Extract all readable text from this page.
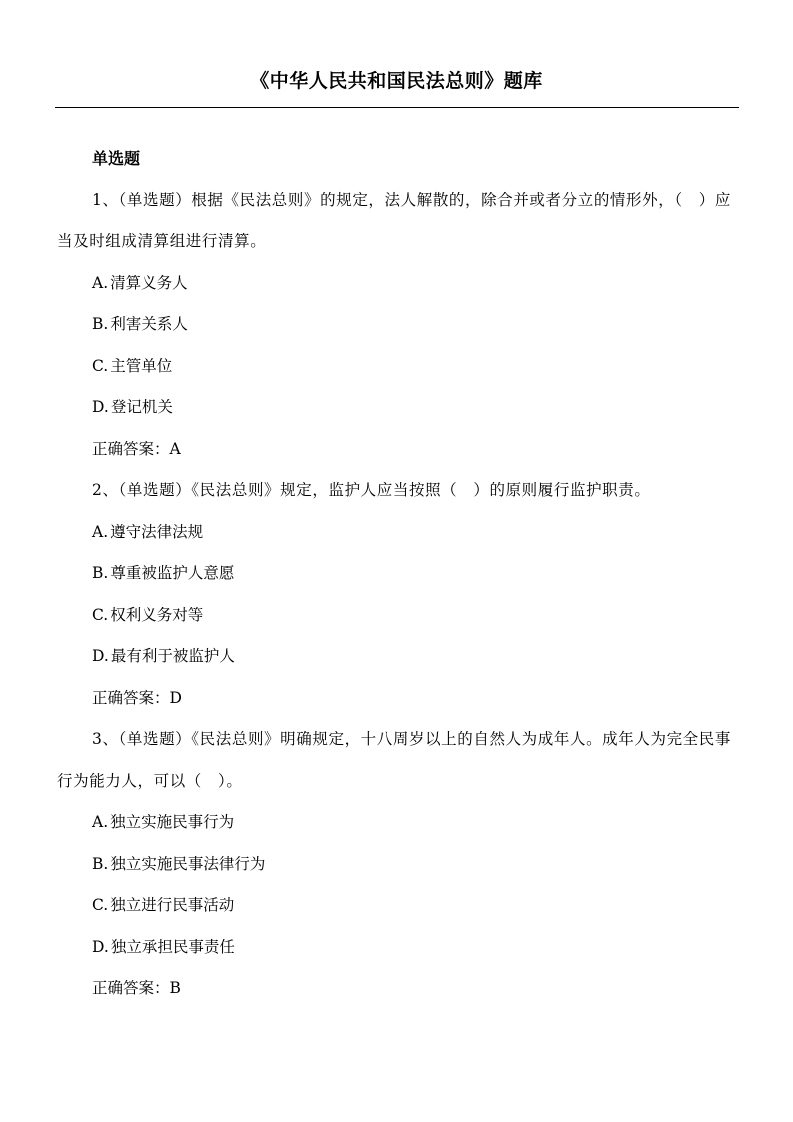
《中华人民共和国民法总则》题库
单选题

1、（单选题）根据《民法总则》的规定，法人解散的，除合并或者分立的情形外，（　）应当及时组成清算组进行清算。

A. 清算义务人
B. 利害关系人
C. 主管单位
D. 登记机关
正确答案：A

2、（单选题）《民法总则》规定，监护人应当按照（　）的原则履行监护职责。

A. 遵守法律法规
B. 尊重被监护人意愿
C. 权利义务对等
D. 最有利于被监护人
正确答案：D

3、（单选题）《民法总则》明确规定，十八周岁以上的自然人为成年人。成年人为完全民事行为能力人，可以（　）。

A. 独立实施民事行为
B. 独立实施民事法律行为
C. 独立进行民事活动
D. 独立承担民事责任
正确答案：B
